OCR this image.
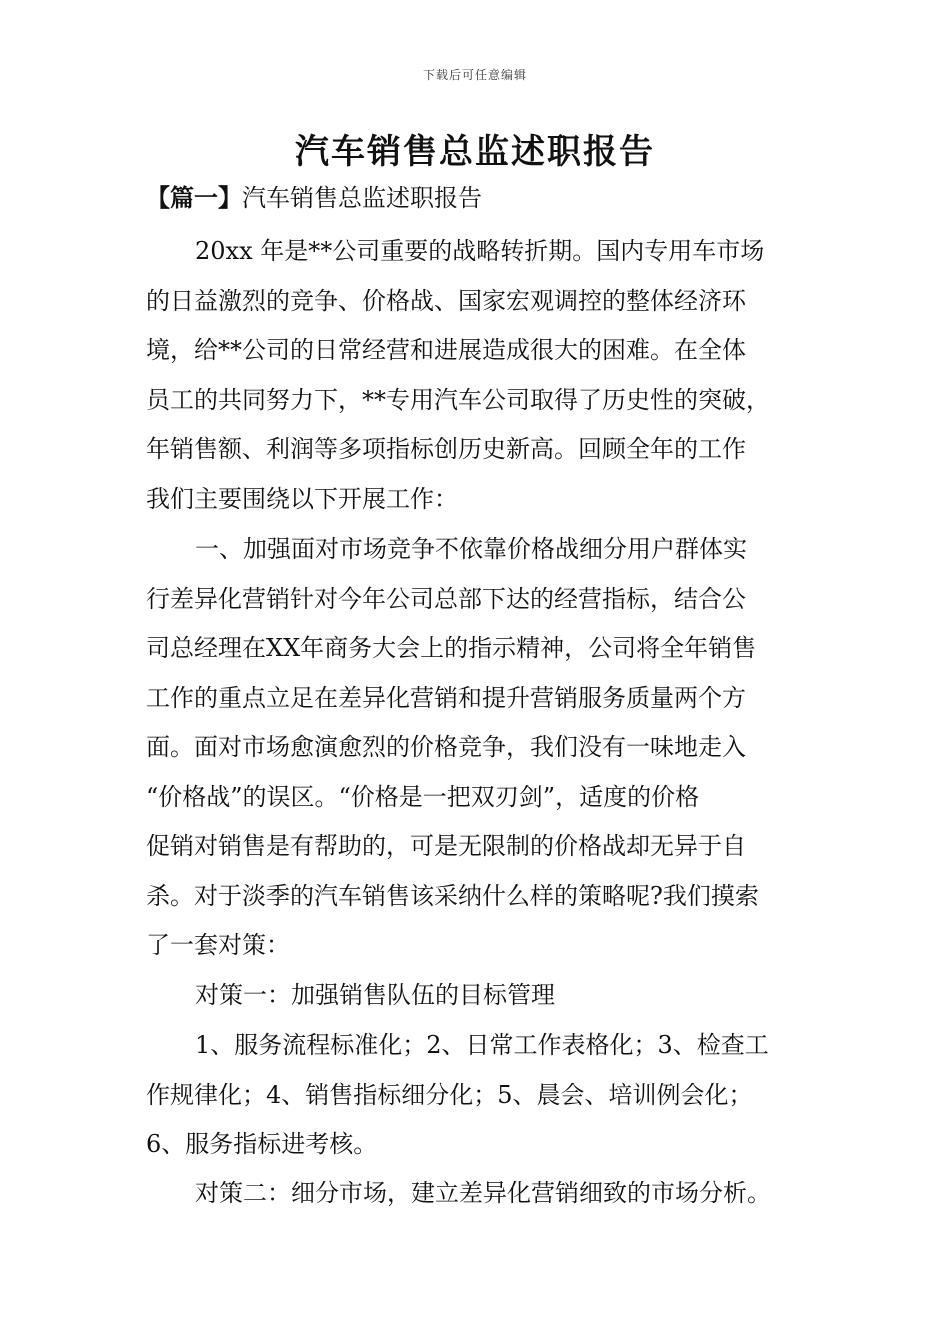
下载后可任意编辑
汽车销售总监述职报告
【篇一】汽车销售总监述职报告
20xx 年是**公司重要的战略转折期。国内专用车市场
的日益激烈的竞争、价格战、国家宏观调控的整体经济环
境，给**公司的日常经营和进展造成很大的困难。在全体
员工的共同努力下，**专用汽车公司取得了历史性的突破，
年销售额、利润等多项指标创历史新高。回顾全年的工作
我们主要围绕以下开展工作：
一、加强面对市场竞争不依靠价格战细分用户群体实
行差异化营销针对今年公司总部下达的经营指标，结合公
司总经理在XX年商务大会上的指示精神，公司将全年销售
工作的重点立足在差异化营销和提升营销服务质量两个方
面。面对市场愈演愈烈的价格竞争，我们没有一味地走入
“价格战”的误区。“价格是一把双刃剑”，适度的价格
促销对销售是有帮助的，可是无限制的价格战却无异于自
杀。对于淡季的汽车销售该采纳什么样的策略呢?我们摸索
了一套对策：
对策一：加强销售队伍的目标管理
1、服务流程标准化；2、日常工作表格化；3、检查工
作规律化；4、销售指标细分化；5、晨会、培训例会化；
6、服务指标进考核。
对策二：细分市场，建立差异化营销细致的市场分析。
